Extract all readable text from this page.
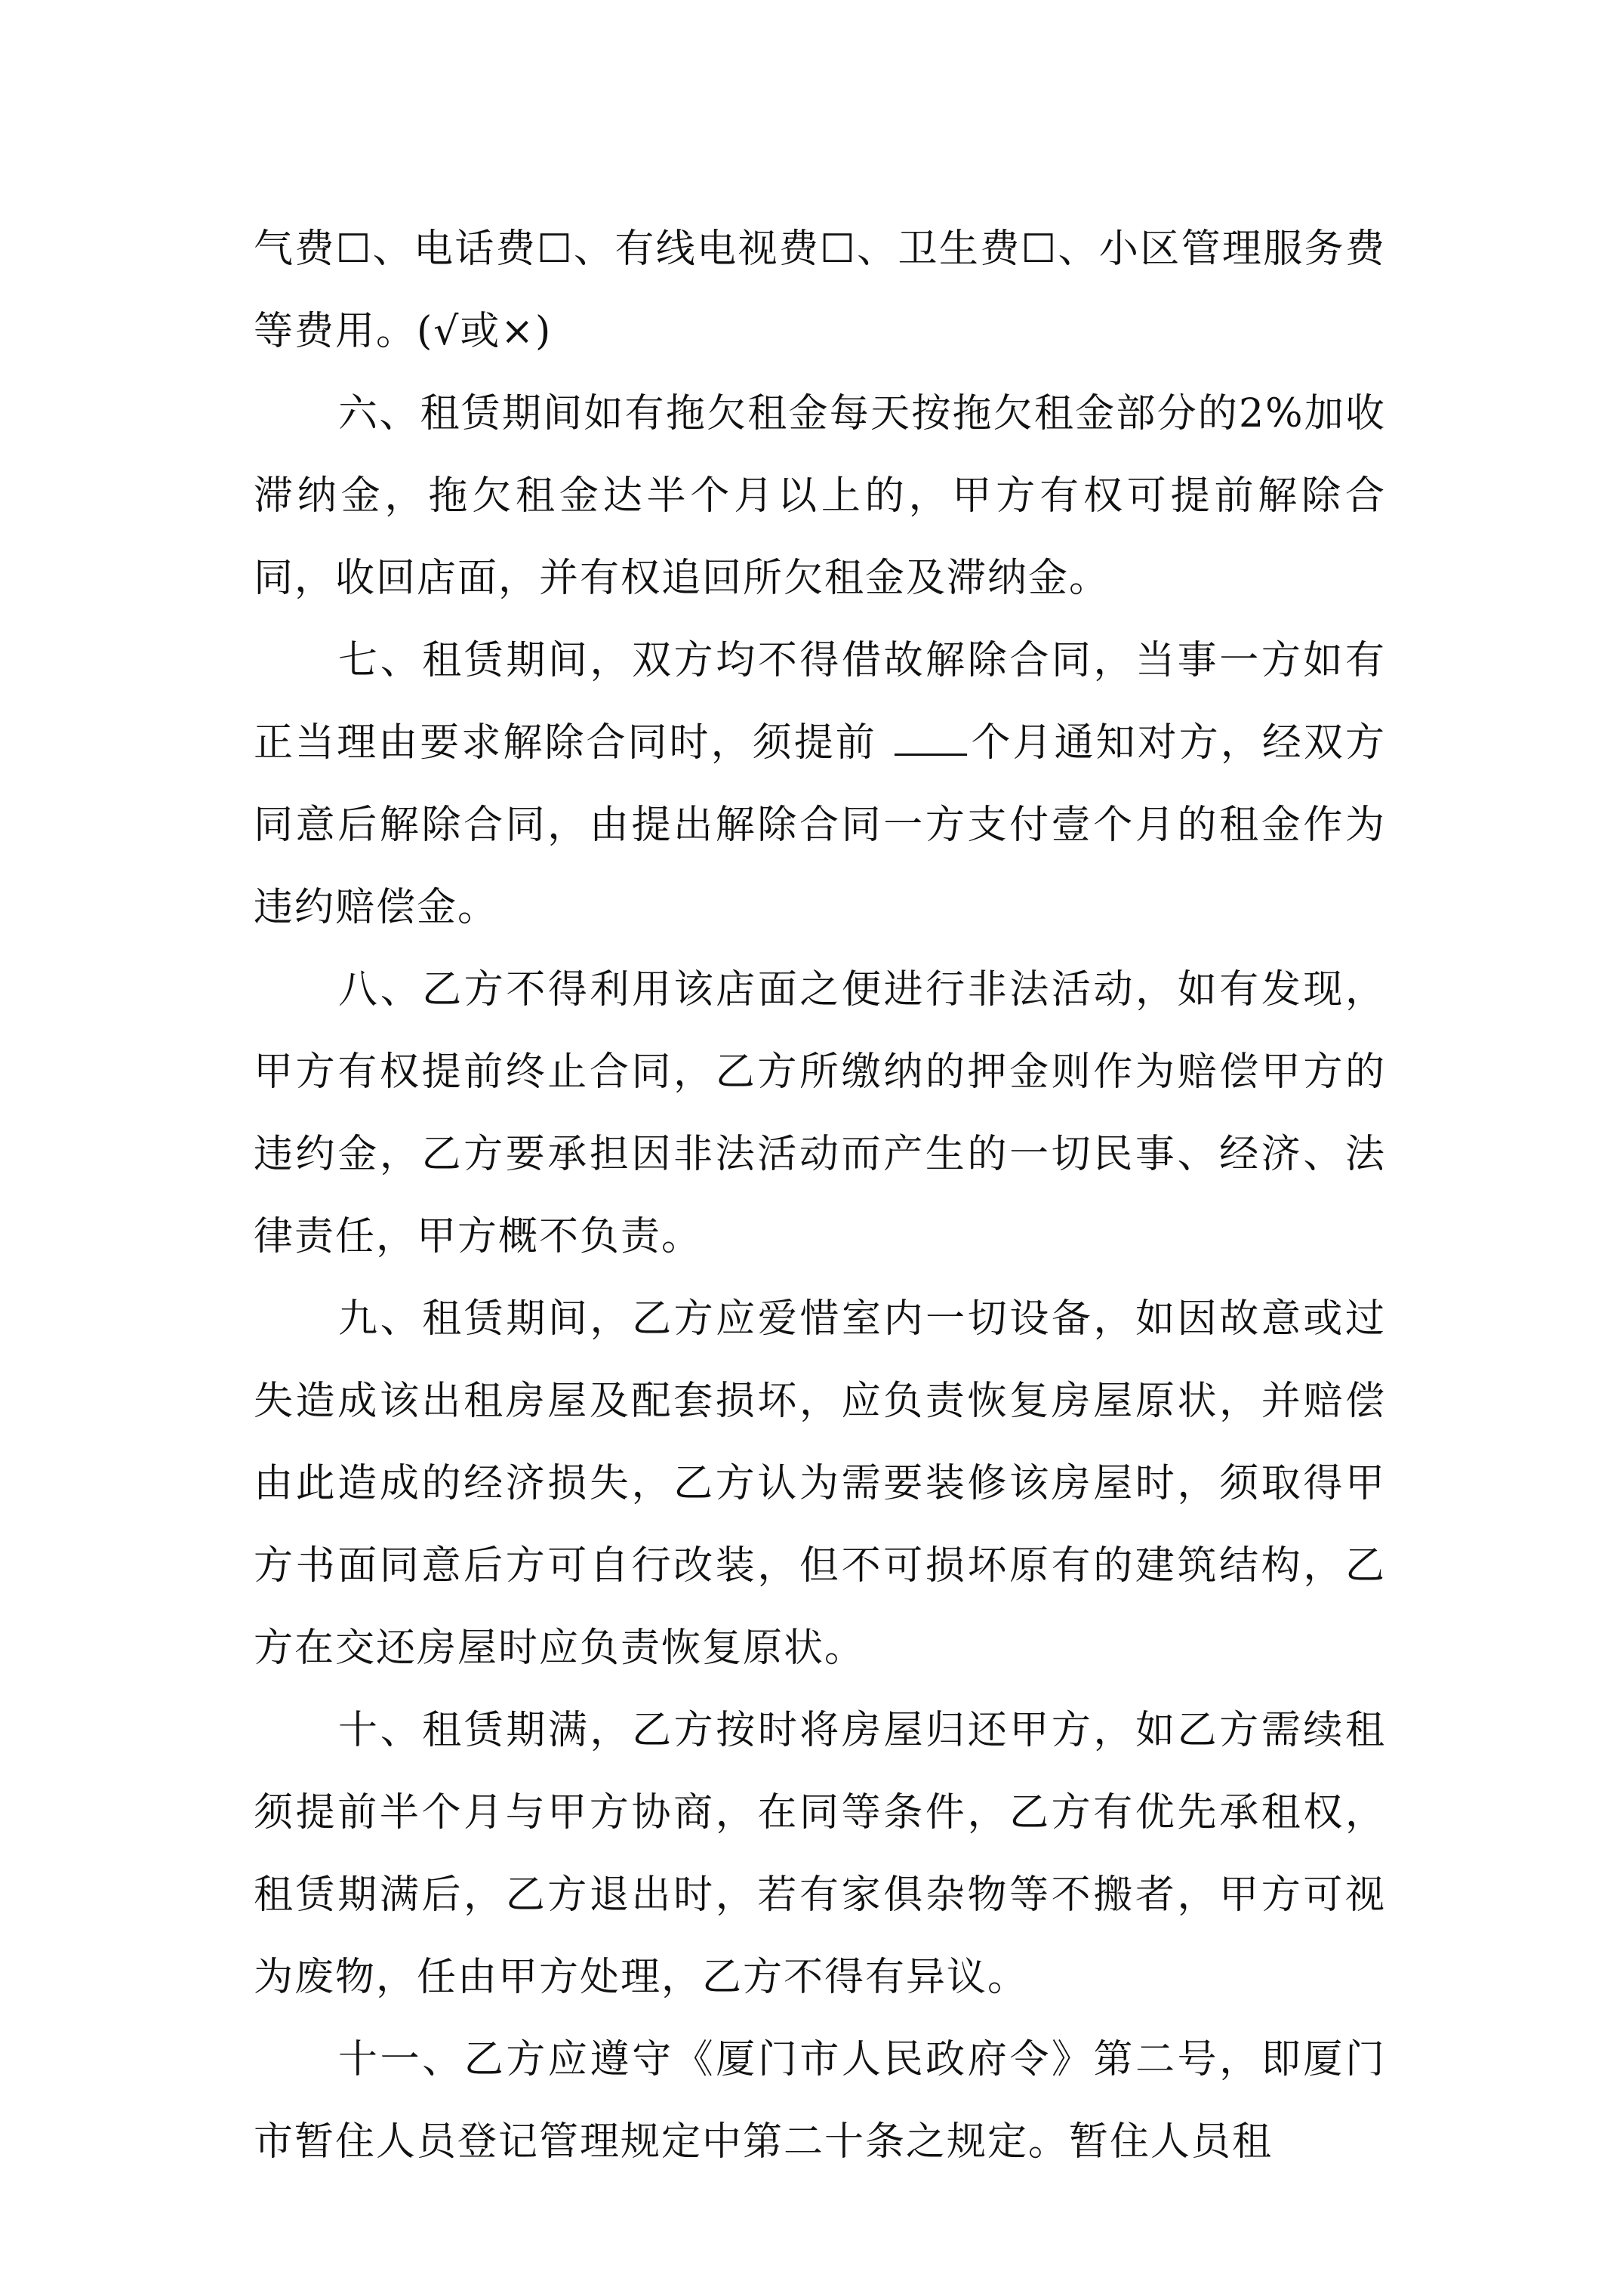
气费☐、电话费☐、有线电视费☐、卫生费☐、小区管理服务费等费用。(√或×)

六、租赁期间如有拖欠租金每天按拖欠租金部分的2%加收滞纳金，拖欠租金达半个月以上的，甲方有权可提前解除合同，收回店面，并有权追回所欠租金及滞纳金。

七、租赁期间，双方均不得借故解除合同，当事一方如有正当理由要求解除合同时，须提前 个月通知对方，经双方同意后解除合同，由提出解除合同一方支付壹个月的租金作为违约赔偿金。

八、乙方不得利用该店面之便进行非法活动，如有发现，甲方有权提前终止合同，乙方所缴纳的押金则作为赔偿甲方的违约金，乙方要承担因非法活动而产生的一切民事、经济、法律责任，甲方概不负责。

九、租赁期间，乙方应爱惜室内一切设备，如因故意或过失造成该出租房屋及配套损坏，应负责恢复房屋原状，并赔偿由此造成的经济损失，乙方认为需要装修该房屋时，须取得甲方书面同意后方可自行改装，但不可损坏原有的建筑结构，乙方在交还房屋时应负责恢复原状。

十、租赁期满，乙方按时将房屋归还甲方，如乙方需续租须提前半个月与甲方协商，在同等条件，乙方有优先承租权，租赁期满后，乙方退出时，若有家俱杂物等不搬者，甲方可视为废物，任由甲方处理，乙方不得有异议。

十一、乙方应遵守《厦门市人民政府令》第二号，即厦门市暂住人员登记管理规定中第二十条之规定。暂住人员租
